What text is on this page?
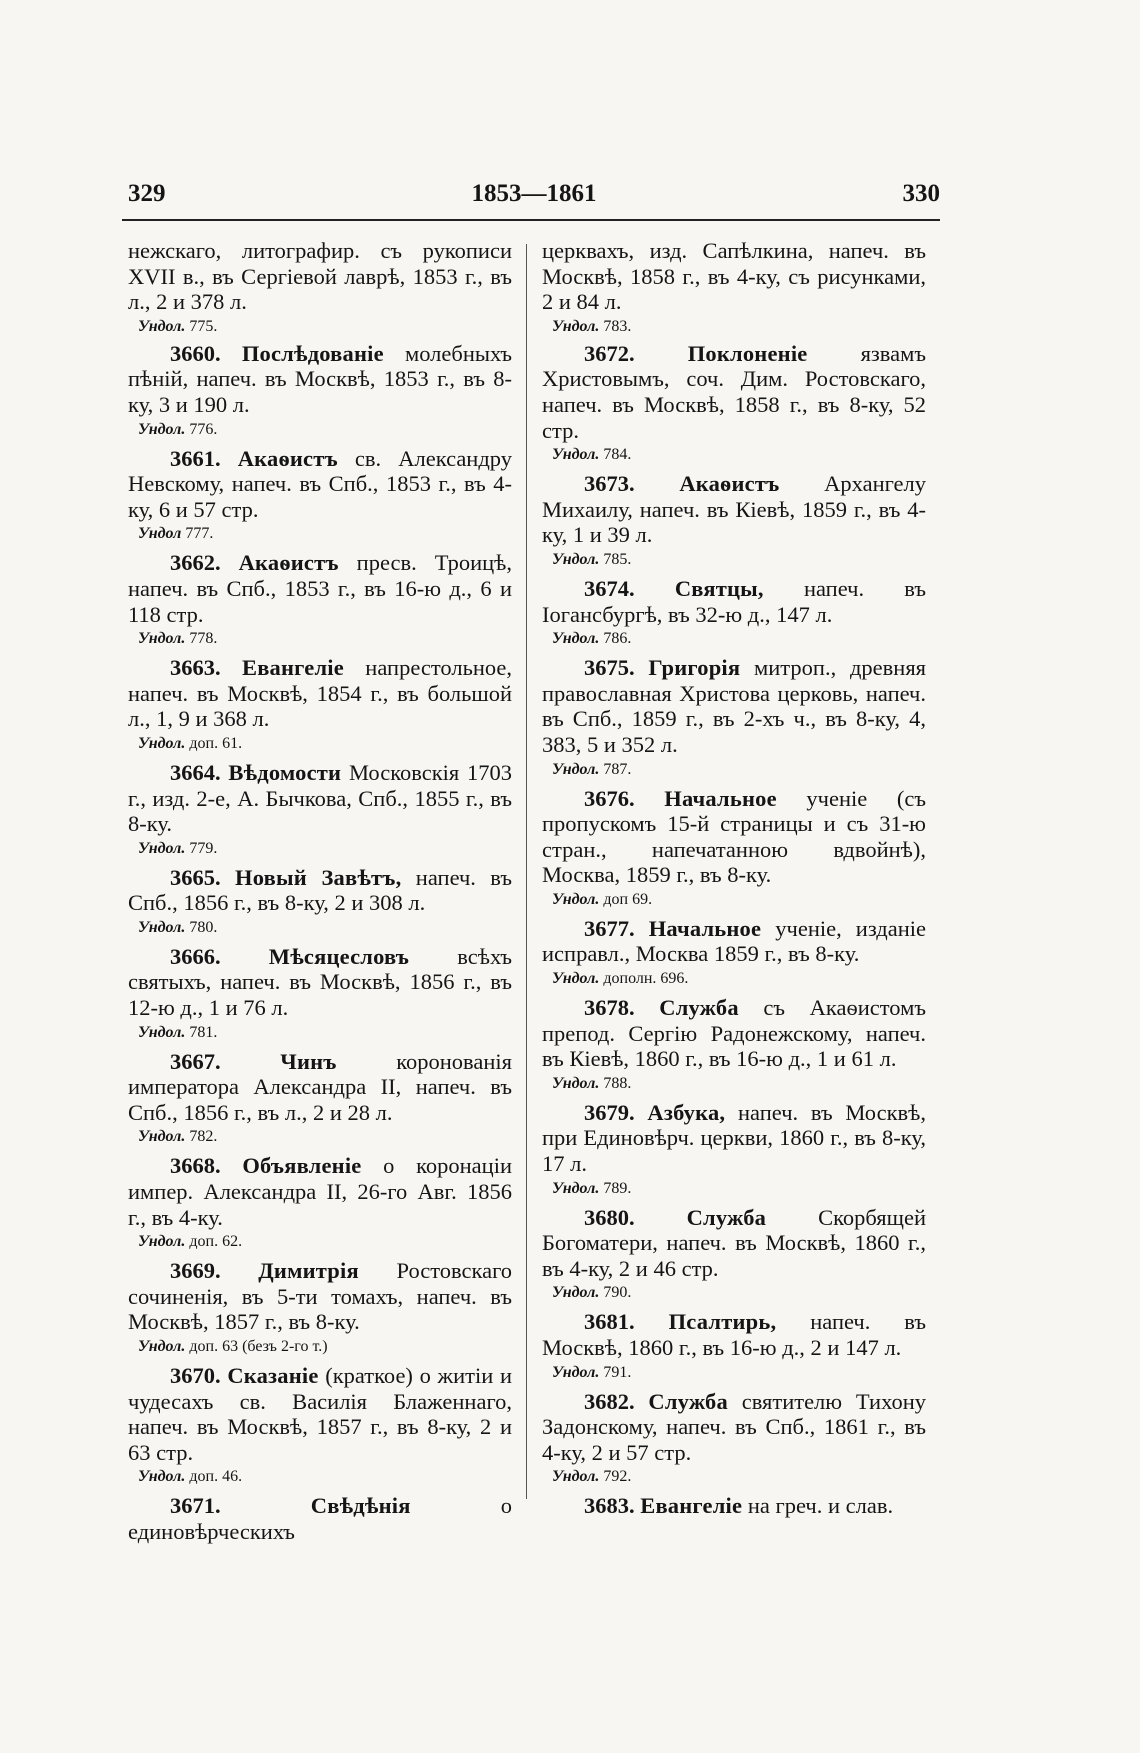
329	1853—1861	330

нежскаго, литографир. съ рукописи XVII в., въ Сергіевой лаврѣ, 1853 г., въ л., 2 и 378 л.

Ундол. 775.

3660. Послѣдованіе молебныхъ пѣній, напеч. въ Москвѣ, 1853 г., въ 8-ку, 3 и 190 л.

Ундол. 776.

3661. Акаѳистъ св. Александру Невскому, напеч. въ Спб., 1853 г., въ 4-ку, 6 и 57 стр.

Ундол 777.

3662. Акаѳистъ пресв. Троицѣ, напеч. въ Спб., 1853 г., въ 16-ю д., 6 и 118 стр.

Ундол. 778.

3663. Евангеліе напрестольное, напеч. въ Москвѣ, 1854 г., въ большой л., 1, 9 и 368 л.

Ундол. доп. 61.

3664. Вѣдомости Московскія 1703 г., изд. 2-е, А. Бычкова, Спб., 1855 г., въ 8-ку.

Ундол. 779.

3665. Новый Завѣтъ, напеч. въ Спб., 1856 г., въ 8-ку, 2 и 308 л.

Ундол. 780.

3666. Мѣсяцесловъ всѣхъ святыхъ, напеч. въ Москвѣ, 1856 г., въ 12-ю д., 1 и 76 л.

Ундол. 781.

3667.	Чинъ	коронованія императора Александра II, напеч. въ Спб., 1856 г., въ л., 2 и 28 л.

Ундол. 782.

3668. Объявленіе о коронаціи импер. Александра II, 26-го Авг. 1856 г., въ 4-ку.

Ундол. доп. 62.

3669. Димитрія Ростовскаго сочиненія, въ 5-ти томахъ, напеч. въ Москвѣ, 1857 г., въ 8-ку.

Ундол. доп. 63 (безъ 2-го т.)

3670. Сказаніе (краткое) о житіи и чудесахъ св. Василія Блаженнаго, напеч. въ Москвѣ, 1857 г., въ 8-ку, 2 и 63 стр.

Ундол. доп. 46.

3671.	Свѣдѣнія	о единовѣрческихъ

церквахъ, изд. Сапѣлкина, напеч. въ Москвѣ, 1858 г., въ 4-ку, съ рисунками, 2 и 84 л.

Ундол. 783.

3672. Поклоненіе язвамъ Христовымъ, соч. Дим. Ростовскаго, напеч. въ Москвѣ, 1858 г., въ 8-ку, 52 стр.

Ундол. 784.

3673. Акаѳистъ Архангелу Михаилу, напеч. въ Кіевѣ, 1859 г., въ 4-ку, 1 и 39 л.

Ундол. 785.

3674. Святцы, напеч. въ Іогансбургѣ, въ 32-ю д., 147 л.

Ундол. 786.

3675. Григорія митроп., древняя православная Христова церковь, напеч. въ Спб., 1859 г., въ 2-хъ ч., въ 8-ку, 4, 383, 5 и 352 л.

Ундол. 787.

3676. Начальное ученіе (съ пропускомъ 15-й страницы и съ 31-ю стран., напечатанною вдвойнѣ), Москва, 1859 г., въ 8-ку.

Ундол. доп 69.

3677. Начальное ученіе, изданіе исправл., Москва 1859 г., въ 8-ку.

Ундол. дополн. 696.

3678. Служба съ Акаѳистомъ препод. Сергію Радонежскому, напеч. въ Кіевѣ, 1860 г., въ 16-ю д., 1 и 61 л.

Ундол. 788.

3679. Азбука, напеч. въ Москвѣ, при Единовѣрч. церкви, 1860 г., въ 8-ку, 17 л.

Ундол. 789.

3680. Служба Скорбящей Богоматери, напеч. въ Москвѣ, 1860 г., въ 4-ку, 2 и 46 стр.

Ундол. 790.

3681. Псалтирь, напеч. въ Москвѣ, 1860 г., въ 16-ю д., 2 и 147 л.

Ундол. 791.

3682. Служба святителю Тихону Задонскому, напеч. въ Спб., 1861 г., въ 4-ку, 2 и 57 стр.

Ундол. 792.

3683. Евангеліе на греч. и слав.
